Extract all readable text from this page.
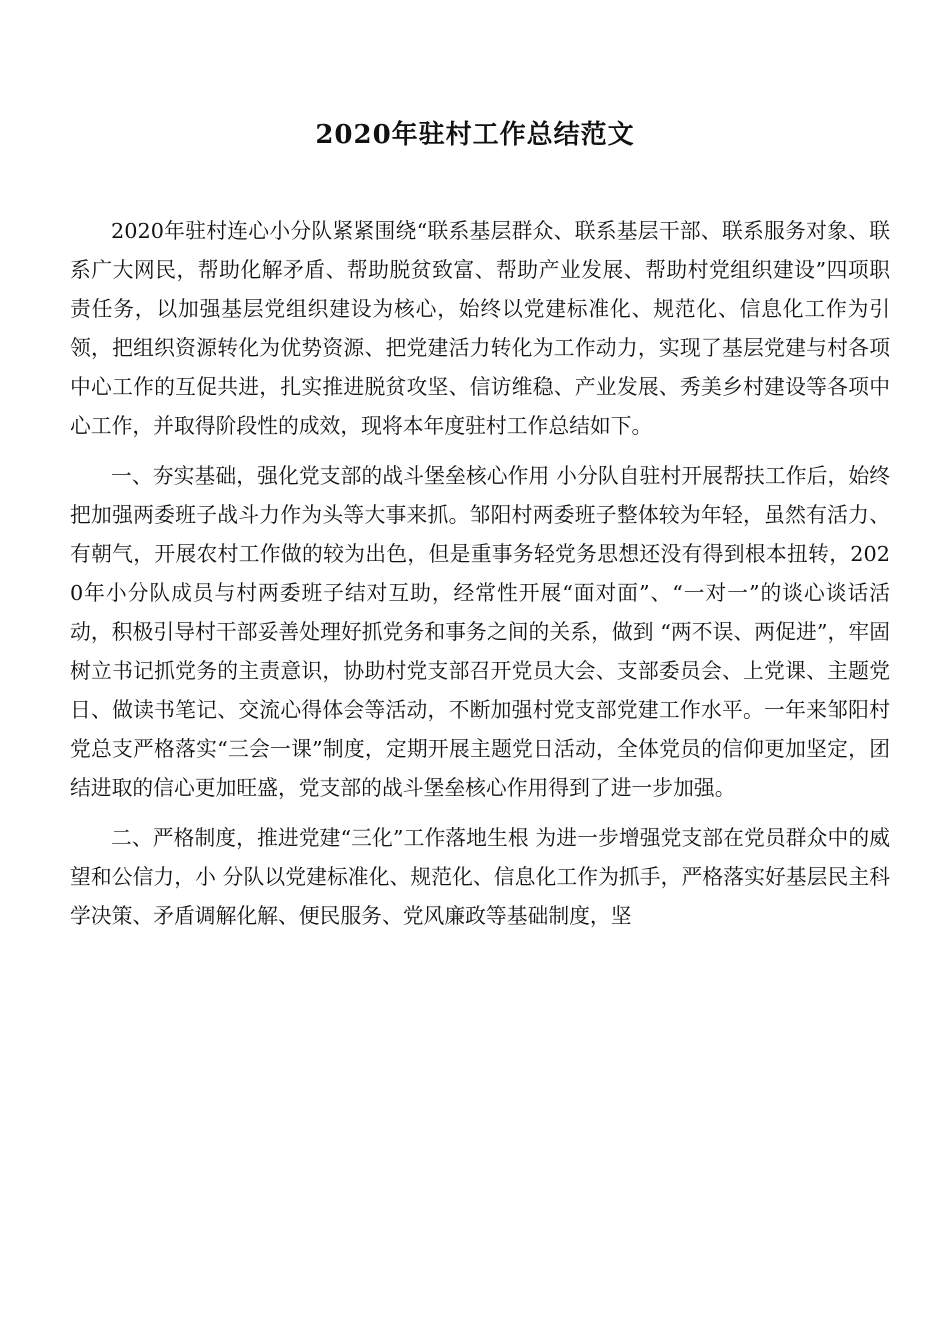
2020年驻村工作总结范文

2020年驻村连心小分队紧紧围绕“联系基层群众、联系基层干部、联系服务对象、联系广大网民，帮助化解矛盾、帮助脱贫致富、帮助产业发展、帮助村党组织建设”四项职责任务，以加强基层党组织建设为核心，始终以党建标准化、规范化、信息化工作为引领，把组织资源转化为优势资源、把党建活力转化为工作动力，实现了基层党建与村各项中心工作的互促共进，扎实推进脱贫攻坚、信访维稳、产业发展、秀美乡村建设等各项中心工作，并取得阶段性的成效，现将本年度驻村工作总结如下。

一、夯实基础，强化党支部的战斗堡垒核心作用 小分队自驻村开展帮扶工作后，始终把加强两委班子战斗力作为头等大事来抓。邹阳村两委班子整体较为年轻，虽然有活力、有朝气，开展农村工作做的较为出色，但是重事务轻党务思想还没有得到根本扭转，2020年小分队成员与村两委班子结对互助，经常性开展“面对面”、“一对一”的谈心谈话活动，积极引导村干部妥善处理好抓党务和事务之间的关系，做到 “两不误、两促进”，牢固树立书记抓党务的主责意识，协助村党支部召开党员大会、支部委员会、上党课、主题党日、做读书笔记、交流心得体会等活动，不断加强村党支部党建工作水平。一年来邹阳村党总支严格落实“三会一课”制度，定期开展主题党日活动，全体党员的信仰更加坚定，团结进取的信心更加旺盛，党支部的战斗堡垒核心作用得到了进一步加强。

二、严格制度，推进党建“三化”工作落地生根 为进一步增强党支部在党员群众中的威望和公信力，小 分队以党建标准化、规范化、信息化工作为抓手，严格落实好基层民主科学决策、矛盾调解化解、便民服务、党风廉政等基础制度，坚
